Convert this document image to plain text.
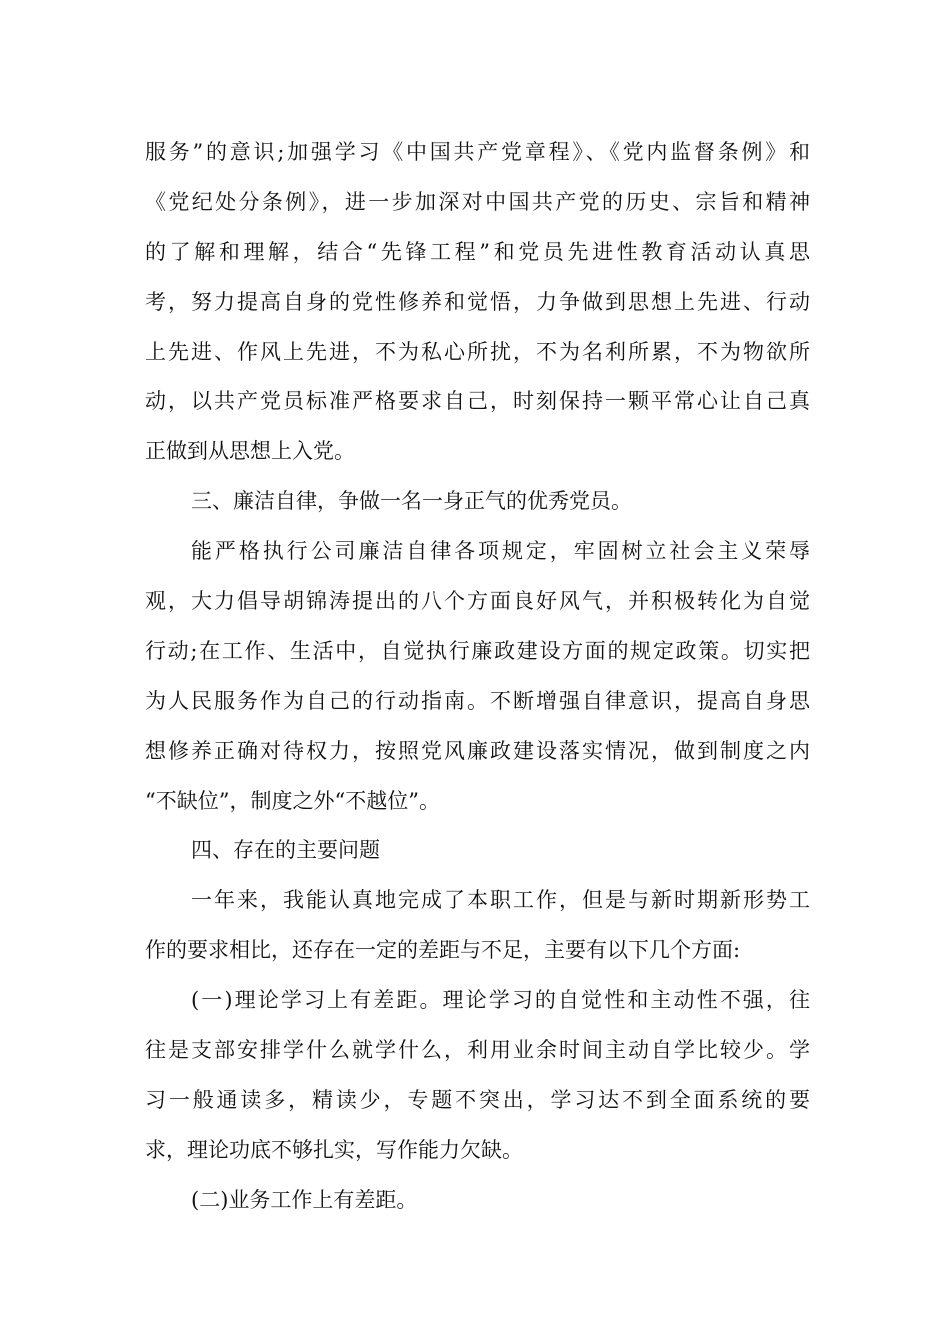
服务”的意识;加强学习《中国共产党章程》、《党内监督条例》和
《党纪处分条例》，进一步加深对中国共产党的历史、宗旨和精神
的了解和理解，结合“先锋工程”和党员先进性教育活动认真思
考，努力提高自身的党性修养和觉悟，力争做到思想上先进、行动
上先进、作风上先进，不为私心所扰，不为名利所累，不为物欲所
动，以共产党员标准严格要求自己，时刻保持一颗平常心让自己真
正做到从思想上入党。
三、廉洁自律，争做一名一身正气的优秀党员。
能严格执行公司廉洁自律各项规定，牢固树立社会主义荣辱
观，大力倡导胡锦涛提出的八个方面良好风气，并积极转化为自觉
行动;在工作、生活中，自觉执行廉政建设方面的规定政策。切实把
为人民服务作为自己的行动指南。不断增强自律意识，提高自身思
想修养正确对待权力，按照党风廉政建设落实情况，做到制度之内
“不缺位”，制度之外“不越位”。
四、存在的主要问题
一年来，我能认真地完成了本职工作，但是与新时期新形势工
作的要求相比，还存在一定的差距与不足，主要有以下几个方面:
(一)理论学习上有差距。理论学习的自觉性和主动性不强，往
往是支部安排学什么就学什么，利用业余时间主动自学比较少。学
习一般通读多，精读少，专题不突出，学习达不到全面系统的要
求，理论功底不够扎实，写作能力欠缺。
(二)业务工作上有差距。
